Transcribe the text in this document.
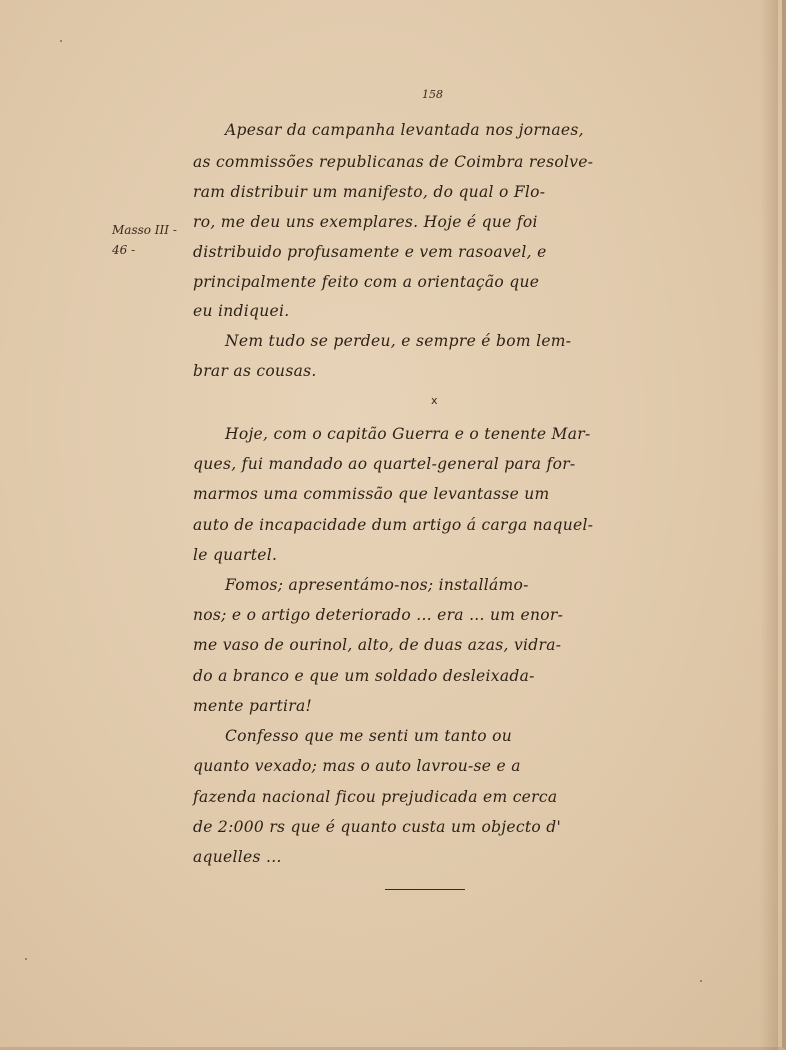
158
Masso III -
46 -
Apesar da campanha levantada nos jornaes,
as commissões republicanas de Coimbra resolve-
ram distribuir um manifesto, do qual o Flo-
ro, me deu uns exemplares. Hoje é que foi
distribuido profusamente e vem rasoavel, e
principalmente feito com a orientação que
eu indiquei.
Nem tudo se perdeu, e sempre é bom lem-
brar as cousas.
Hoje, com o capitão Guerra e o tenente Mar-
ques, fui mandado ao quartel-general para for-
marmos uma commissão que levantasse um
auto de incapacidade dum artigo á carga naquel-
le quartel.
Fomos; apresentámo-nos; installámo-
nos; e o artigo deteriorado ... era ... um enor-
me vaso de ourinol, alto, de duas azas, vidra-
do a branco e que um soldado desleixada-
mente partira!
Confesso que me senti um tanto ou
quanto vexado; mas o auto lavrou-se e a
fazenda nacional ficou prejudicada em cerca
de 2:000 rs que é quanto custa um objecto d'
aquelles ...
x
